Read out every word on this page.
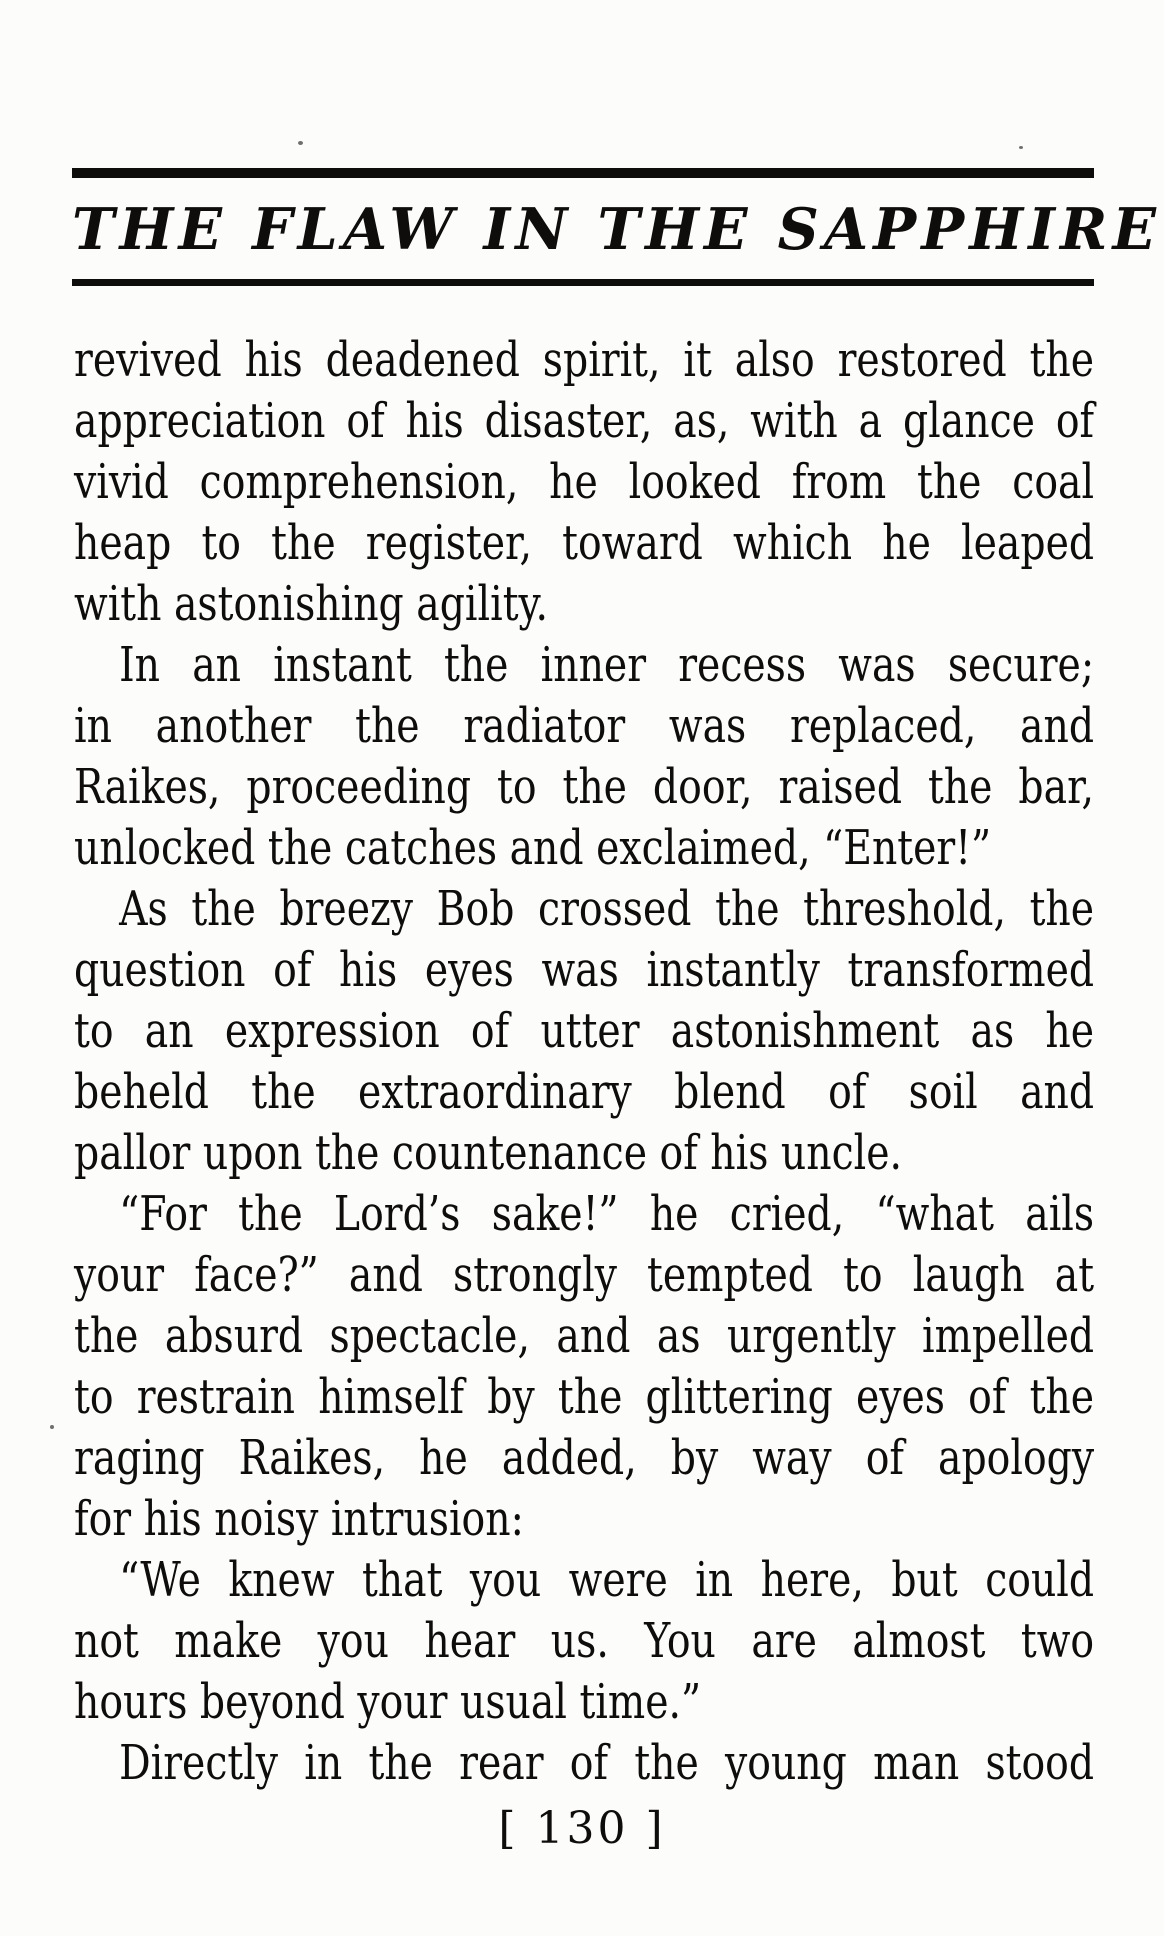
THE FLAW IN THE SAPPHIRE
revived his deadened spirit, it also restored the
appreciation of his disaster, as, with a glance of
vivid comprehension, he looked from the coal
heap to the register, toward which he leaped
with astonishing agility.
In an instant the inner recess was secure;
in another the radiator was replaced, and
Raikes, proceeding to the door, raised the bar,
unlocked the catches and exclaimed, “Enter!”
As the breezy Bob crossed the threshold, the
question of his eyes was instantly transformed
to an expression of utter astonishment as he
beheld the extraordinary blend of soil and
pallor upon the countenance of his uncle.
“For the Lord’s sake!” he cried, “what ails
your face?” and strongly tempted to laugh at
the absurd spectacle, and as urgently impelled
to restrain himself by the glittering eyes of the
raging Raikes, he added, by way of apology
for his noisy intrusion:
“We knew that you were in here, but could
not make you hear us. You are almost two
hours beyond your usual time.”
Directly in the rear of the young man stood
[ 130 ]
